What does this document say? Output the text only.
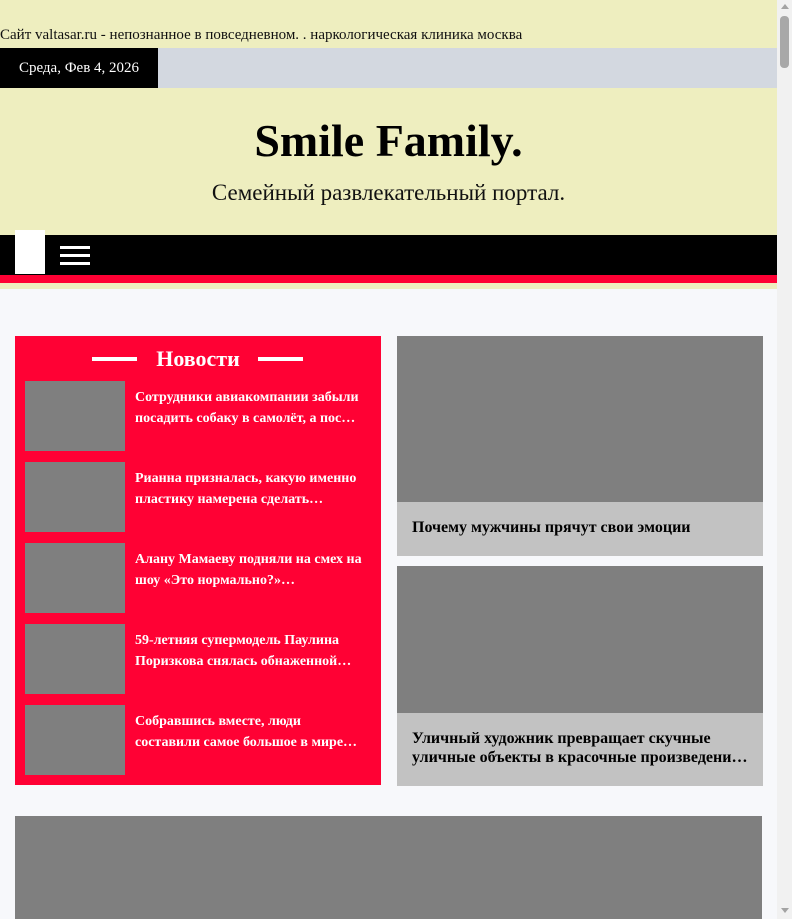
Сайт valtasar.ru - непознанное в повседневном. . наркологическая клиника москва
Среда, Фев 4, 2026
Smile Family.
Семейный развлекательный портал.
Новости
Сотрудники авиакомпании забыли посадить собаку в самолёт, а пос…
Рианна призналась, какую именно пластику намерена сделать…
Алану Мамаеву подняли на смех на шоу «Это нормально?»…
59-летняя супермодель Паулина Поризкова снялась обнаженной…
Собравшись вместе, люди составили самое большое в мире…
Почему мужчины прячут свои эмоции
Уличный художник превращает скучные уличные объекты в красочные произведени…
